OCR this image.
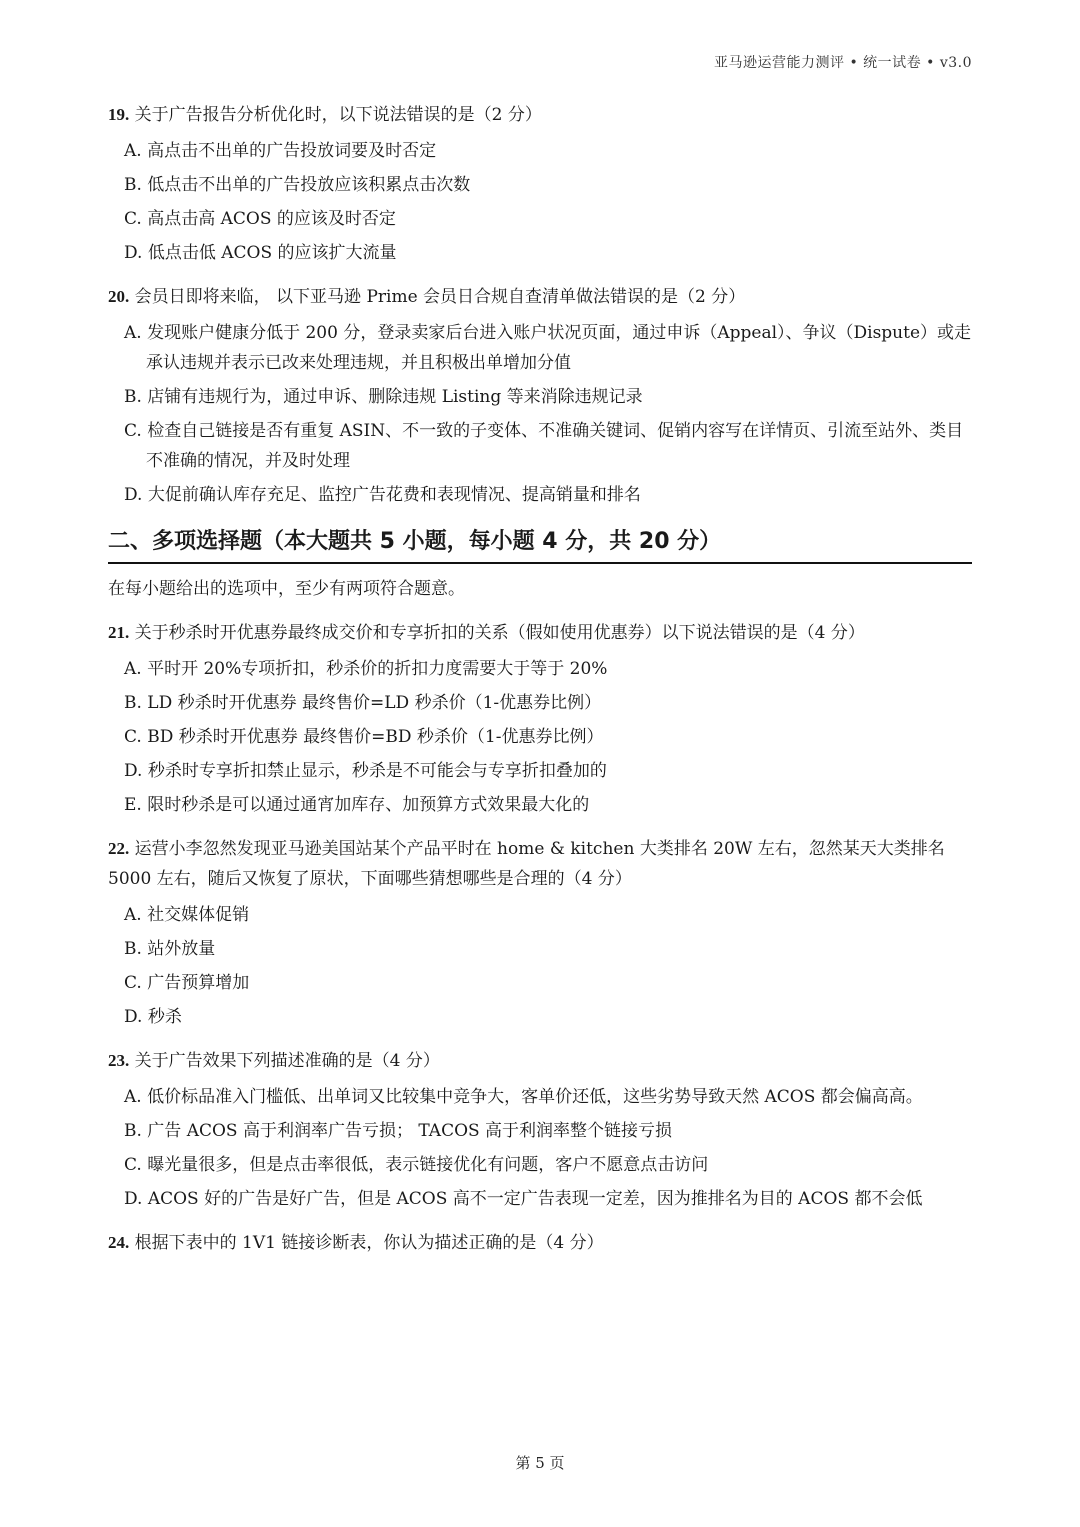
亚马逊运营能力测评 • 统一试卷 • v3.0
19. 关于广告报告分析优化时，以下说法错误的是（2 分）
A. 高点击不出单的广告投放词要及时否定
B. 低点击不出单的广告投放应该积累点击次数
C. 高点击高 ACOS 的应该及时否定
D. 低点击低 ACOS 的应该扩大流量
20. 会员日即将来临， 以下亚马逊 Prime 会员日合规自查清单做法错误的是（2 分）
A. 发现账户健康分低于 200 分，登录卖家后台进入账户状况页面，通过申诉（Appeal）、争议（Dispute）或走承认违规并表示已改来处理违规，并且积极出单增加分值
B. 店铺有违规行为，通过申诉、删除违规 Listing 等来消除违规记录
C. 检查自己链接是否有重复 ASIN、不一致的子变体、不准确关键词、促销内容写在详情页、引流至站外、类目不准确的情况，并及时处理
D. 大促前确认库存充足、监控广告花费和表现情况、提高销量和排名
二、多项选择题（本大题共 5 小题，每小题 4 分，共 20 分）
在每小题给出的选项中，至少有两项符合题意。
21. 关于秒杀时开优惠券最终成交价和专享折扣的关系（假如使用优惠券）以下说法错误的是（4 分）
A. 平时开 20%专项折扣，秒杀价的折扣力度需要大于等于 20%
B. LD 秒杀时开优惠券 最终售价=LD 秒杀价（1-优惠券比例）
C. BD 秒杀时开优惠券 最终售价=BD 秒杀价（1-优惠券比例）
D. 秒杀时专享折扣禁止显示，秒杀是不可能会与专享折扣叠加的
E. 限时秒杀是可以通过通宵加库存、加预算方式效果最大化的
22. 运营小李忽然发现亚马逊美国站某个产品平时在 home & kitchen 大类排名 20W 左右，忽然某天大类排名 5000 左右，随后又恢复了原状，下面哪些猜想哪些是合理的（4 分）
A. 社交媒体促销
B. 站外放量
C. 广告预算增加
D. 秒杀
23. 关于广告效果下列描述准确的是（4 分）
A. 低价标品准入门槛低、出单词又比较集中竞争大，客单价还低，这些劣势导致天然 ACOS 都会偏高高。
B. 广告 ACOS 高于利润率广告亏损； TACOS 高于利润率整个链接亏损
C. 曝光量很多，但是点击率很低，表示链接优化有问题，客户不愿意点击访问
D. ACOS 好的广告是好广告，但是 ACOS 高不一定广告表现一定差，因为推排名为目的 ACOS 都不会低
24. 根据下表中的 1V1 链接诊断表，你认为描述正确的是（4 分）
第 5 页
